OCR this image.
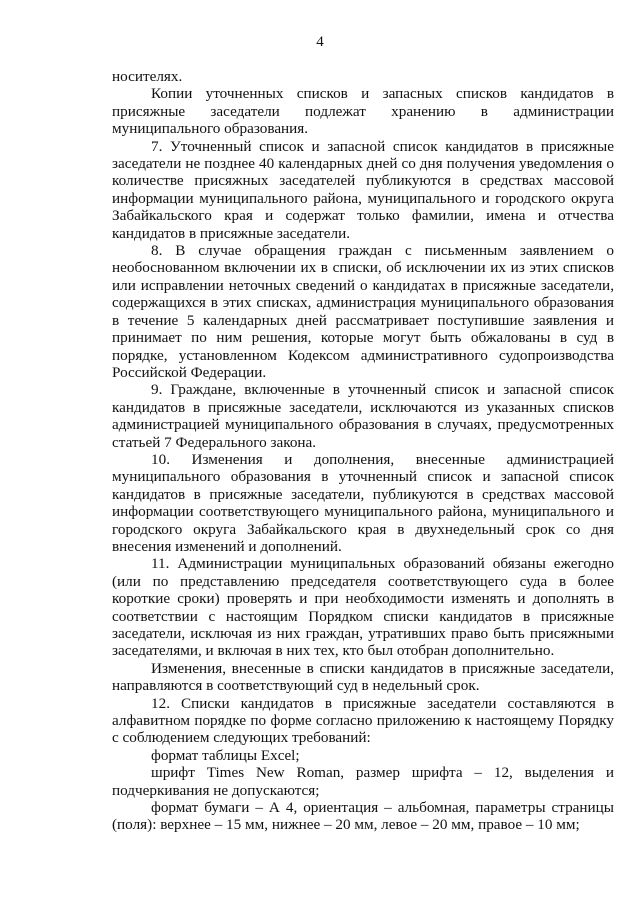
4

носителях.

Копии уточненных списков и запасных списков кандидатов в присяжные заседатели подлежат хранению в администрации муниципального образования.

7. Уточненный список и запасной список кандидатов в присяжные заседатели не позднее 40 календарных дней со дня получения уведомления о количестве присяжных заседателей публикуются в средствах массовой информации муниципального района, муниципального и городского округа Забайкальского края и содержат только фамилии, имена и отчества кандидатов в присяжные заседатели.

8. В случае обращения граждан с письменным заявлением о необоснованном включении их в списки, об исключении их из этих списков или исправлении неточных сведений о кандидатах в присяжные заседатели, содержащихся в этих списках, администрация муниципального образования в течение 5 календарных дней рассматривает поступившие заявления и принимает по ним решения, которые могут быть обжалованы в суд в порядке, установленном Кодексом административного судопроизводства Российской Федерации.

9. Граждане, включенные в уточненный список и запасной список кандидатов в присяжные заседатели, исключаются из указанных списков администрацией муниципального образования в случаях, предусмотренных статьей 7 Федерального закона.

10. Изменения и дополнения, внесенные администрацией муниципального образования в уточненный список и запасной список кандидатов в присяжные заседатели, публикуются в средствах массовой информации соответствующего муниципального района, муниципального и городского округа Забайкальского края в двухнедельный срок со дня внесения изменений и дополнений.

11. Администрации муниципальных образований обязаны ежегодно (или по представлению председателя соответствующего суда в более короткие сроки) проверять и при необходимости изменять и дополнять в соответствии с настоящим Порядком списки кандидатов в присяжные заседатели, исключая из них граждан, утративших право быть присяжными заседателями, и включая в них тех, кто был отобран дополнительно.

Изменения, внесенные в списки кандидатов в присяжные заседатели, направляются в соответствующий суд в недельный срок.

12. Списки кандидатов в присяжные заседатели составляются в алфавитном порядке по форме согласно приложению к настоящему Порядку с соблюдением следующих требований:

формат таблицы Excel;

шрифт Times New Roman, размер шрифта – 12, выделения и подчеркивания не допускаются;

формат бумаги – А 4, ориентация – альбомная, параметры страницы (поля): верхнее – 15 мм, нижнее – 20 мм, левое – 20 мм, правое – 10 мм;
